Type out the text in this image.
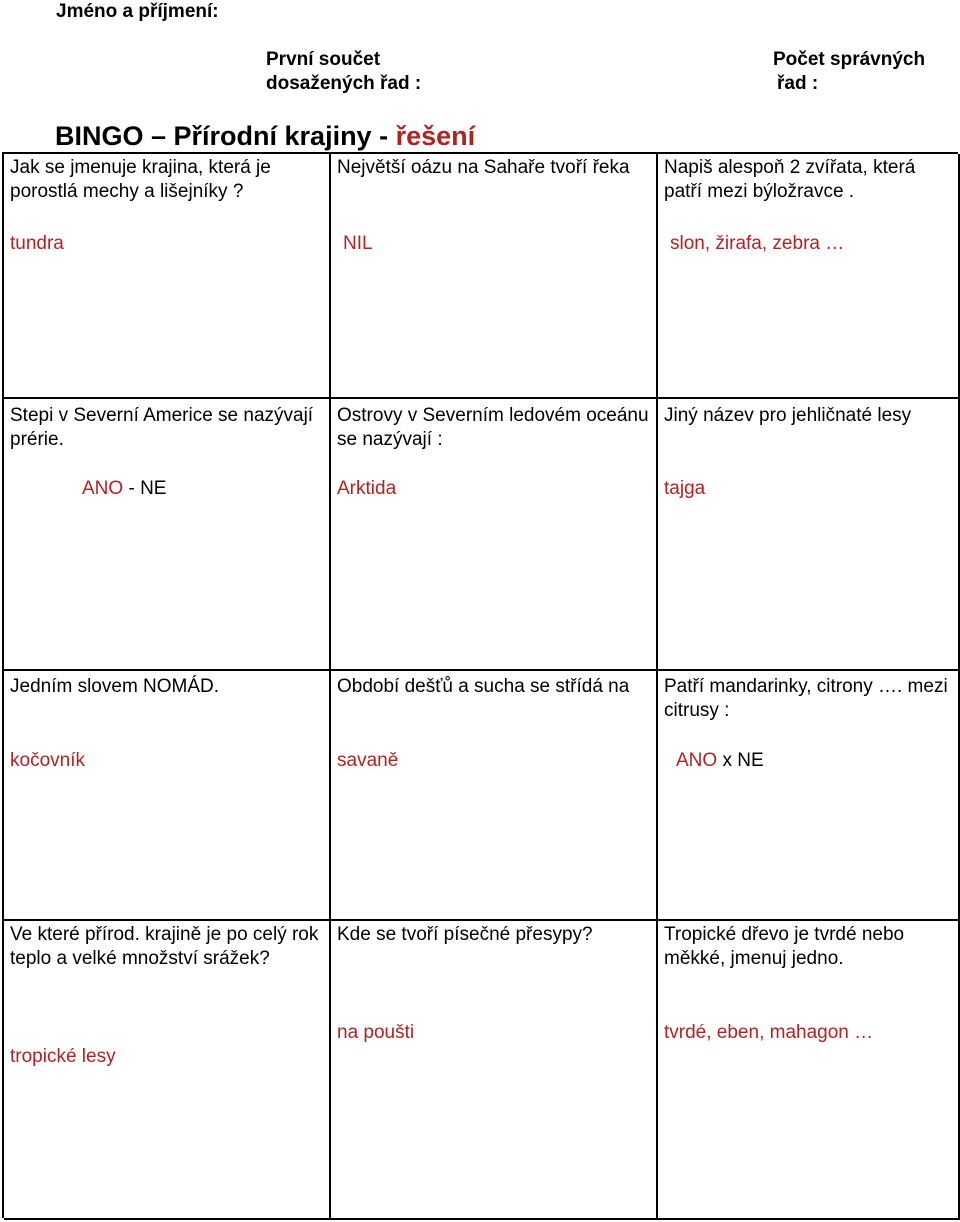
Jméno a příjmení:
První součet
dosažených řad :
Počet správných
řad :
BINGO – Přírodní krajiny - řešení
Jak se jmenuje krajina, která je porostlá mechy a lišejníky ?
tundra
Největší oázu na Sahaře tvoří řeka
NIL
Napiš alespoň 2 zvířata, která patří mezi býložravce .
slon, žirafa, zebra …
Stepi v Severní Americe se nazývají prérie.
ANO - NE
Ostrovy v Severním ledovém oceánu se nazývají :
Arktida
Jiný název pro jehličnaté lesy
tajga
Jedním slovem NOMÁD.
kočovník
Období dešťů a sucha se střídá na
savaně
Patří mandarinky, citrony …. mezi citrusy :
ANO x NE
Ve které přírod. krajině je po celý rok teplo a velké množství srážek?
tropické lesy
Kde se tvoří písečné přesypy?
na poušti
Tropické dřevo je tvrdé nebo měkké, jmenuj jedno.
tvrdé, eben, mahagon …
